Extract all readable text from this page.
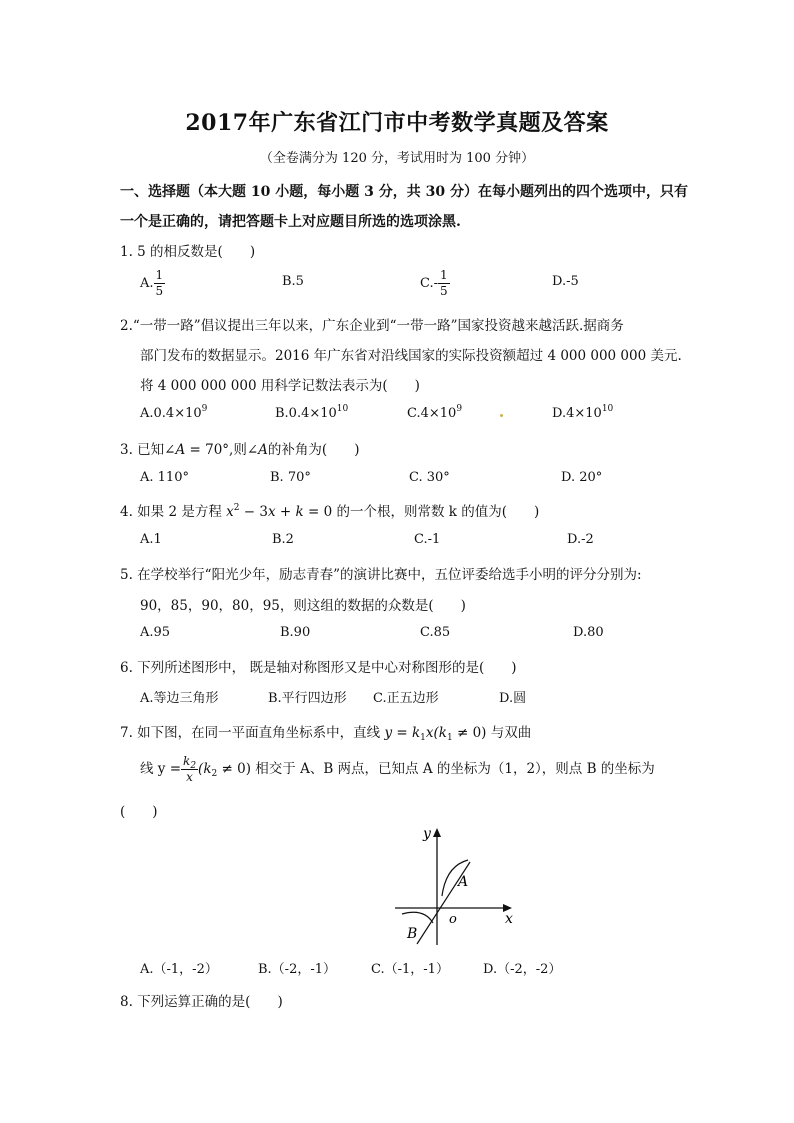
2017年广东省江门市中考数学真题及答案
（全卷满分为 120 分，考试用时为 100 分钟）
一、选择题（本大题 10 小题，每小题 3 分，共 30 分）在每小题列出的四个选项中，只有
一个是正确的，请把答题卡上对应题目所选的选项涂黑.
1. 5 的相反数是(　　)
A. $\frac{1}{5}$	B.5	$C.- \frac{1}{5}$	D.-5
2.“一带一路”倡议提出三年以来，广东企业到“一带一路”国家投资越来越活跃.据商务
部门发布的数据显示。2016 年广东省对沿线国家的实际投资额超过 4 000 000 000 美元.
将 4 000 000 000 用科学记数法表示为(　　)
$A.0.4\times 10^9$	$B.0.4\times 10^{10}$	$C.4\times 10^9$	$D.4\times 10^{10}$
3. 已知∠A = 70°,则∠A的补角为(　　)
A. 110°	B. 70°	C. 30°	D. 20°
4. 如果 2 是方程 $x^2 - 3x + k = 0$ 的一个根，则常数 k 的值为(　　)
A.1	B.2	C.-1	D.-2
5. 在学校举行“阳光少年，励志青春”的演讲比赛中，五位评委给选手小明的评分分别为:
90，85，90，80，95，则这组的数据的众数是(　　)
A.95	B.90	C.85	D.80
6. 下列所述图形中， 既是轴对称图形又是中心对称图形的是(　　)
A.等边三角形	B.平行四边形 C.正五边形	D.圆
7. 如下图，在同一平面直角坐标系中，直线 $y = k_1x(k_1 \ne 0)$ 与双曲
线 $y = \frac{k_2}{x} (k_2 \ne 0)$ 相交于 A、B 两点，已知点 A 的坐标为（1，2），则点 B 的坐标为
(　　)
y
x
o
A
B
A.（-1，-2）	B.（-2，-1）	C.（-1，-1）	D.（-2，-2）
8. 下列运算正确的是(　　)
